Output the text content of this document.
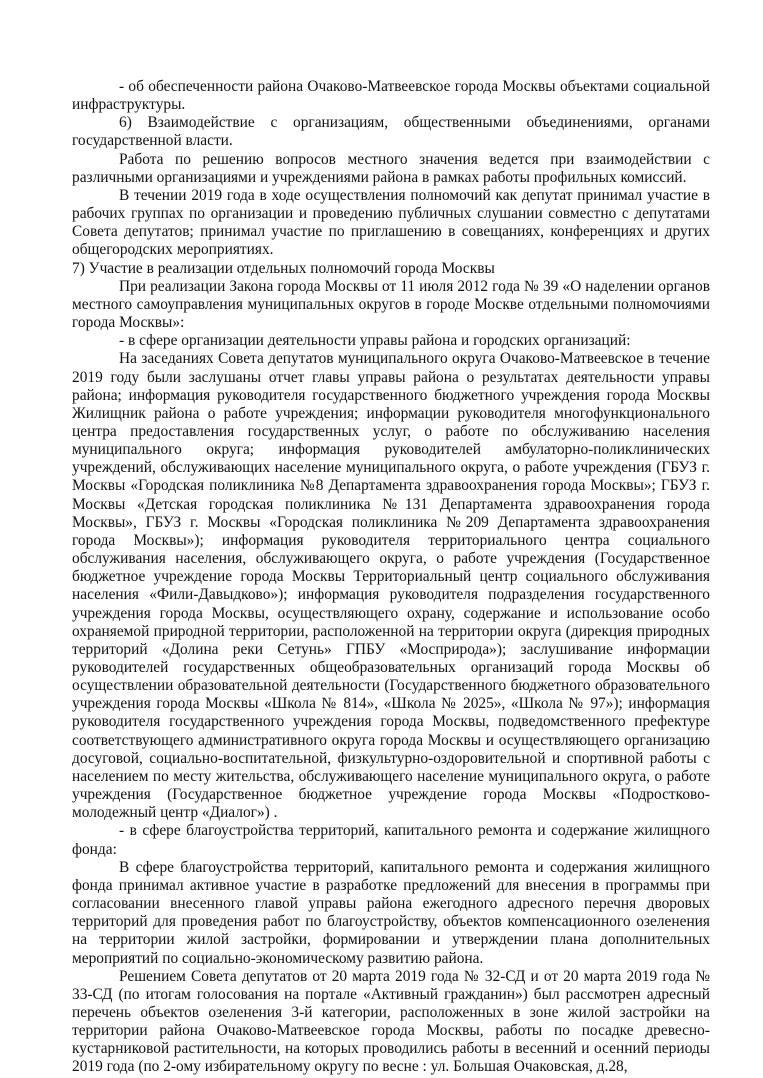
- об обеспеченности района Очаково-Матвеевское города Москвы объектами социальной инфраструктуры.

6) Взаимодействие с организациям, общественными объединениями, органами государственной власти.

Работа по решению вопросов местного значения ведется при взаимодействии с различными организациями и учреждениями района в рамках работы профильных комиссий.

В течении 2019 года в ходе осуществления полномочий как депутат принимал участие в рабочих группах по организации и проведению публичных слушании совместно с депутатами Совета депутатов; принимал участие по приглашению в совещаниях, конференциях и других общегородских мероприятиях.

7) Участие в реализации отдельных полномочий города Москвы

При реализации Закона города Москвы от 11 июля 2012 года № 39 «О наделении органов местного самоуправления муниципальных округов в городе Москве отдельными полномочиями города Москвы»:

- в сфере организации деятельности управы района и городских организаций:

На заседаниях Совета депутатов муниципального округа Очаково-Матвеевское в течение 2019 году были заслушаны отчет главы управы района о результатах деятельности управы района; информация руководителя государственного бюджетного учреждения города Москвы Жилищник района о работе учреждения; информации руководителя многофункционального центра предоставления государственных услуг, о работе по обслуживанию населения муниципального округа; информация руководителей амбулаторно-поликлинических учреждений, обслуживающих население муниципального округа, о работе учреждения (ГБУЗ г. Москвы «Городская поликлиника №8 Департамента здравоохранения города Москвы»; ГБУЗ г. Москвы «Детская городская поликлиника №131 Департамента здравоохранения города Москвы», ГБУЗ г. Москвы «Городская поликлиника №209 Департамента здравоохранения города Москвы»); информация руководителя территориального центра социального обслуживания населения, обслуживающего округа, о работе учреждения (Государственное бюджетное учреждение города Москвы Территориальный центр социального обслуживания населения «Фили-Давыдково»); информация руководителя подразделения государственного учреждения города Москвы, осуществляющего охрану, содержание и использование особо охраняемой природной территории, расположенной на территории округа (дирекция природных территорий «Долина реки Сетунь» ГПБУ «Мосприрода»); заслушивание информации руководителей государственных общеобразовательных организаций города Москвы об осуществлении образовательной деятельности (Государственного бюджетного образовательного учреждения города Москвы «Школа № 814», «Школа № 2025», «Школа № 97»); информация руководителя государственного учреждения города Москвы, подведомственного префектуре соответствующего административного округа города Москвы и осуществляющего организацию досуговой, социально-воспитательной, физкультурно-оздоровительной и спортивной работы с населением по месту жительства, обслуживающего население муниципального округа, о работе учреждения (Государственное бюджетное учреждение города Москвы «Подростково-молодежный центр «Диалог») .

- в сфере благоустройства территорий, капитального ремонта и содержание жилищного фонда:

В сфере благоустройства территорий, капитального ремонта и содержания жилищного фонда принимал активное участие в разработке предложений для внесения в программы при согласовании внесенного главой управы района ежегодного адресного перечня дворовых территорий для проведения работ по благоустройству, объектов компенсационного озеленения на территории жилой застройки, формировании и утверждении плана дополнительных мероприятий по социально-экономическому развитию района.

Решением Совета депутатов от 20 марта 2019 года № 32-СД и от 20 марта 2019 года № 33-СД (по итогам голосования на портале «Активный гражданин») был рассмотрен адресный перечень объектов озеленения 3-й категории, расположенных в зоне жилой застройки на территории района Очаково-Матвеевское города Москвы, работы по посадке древесно-кустарниковой растительности, на которых проводились работы в весенний и осенний периоды 2019 года (по 2-ому избирательному округу по весне : ул. Большая Очаковская, д.28,
